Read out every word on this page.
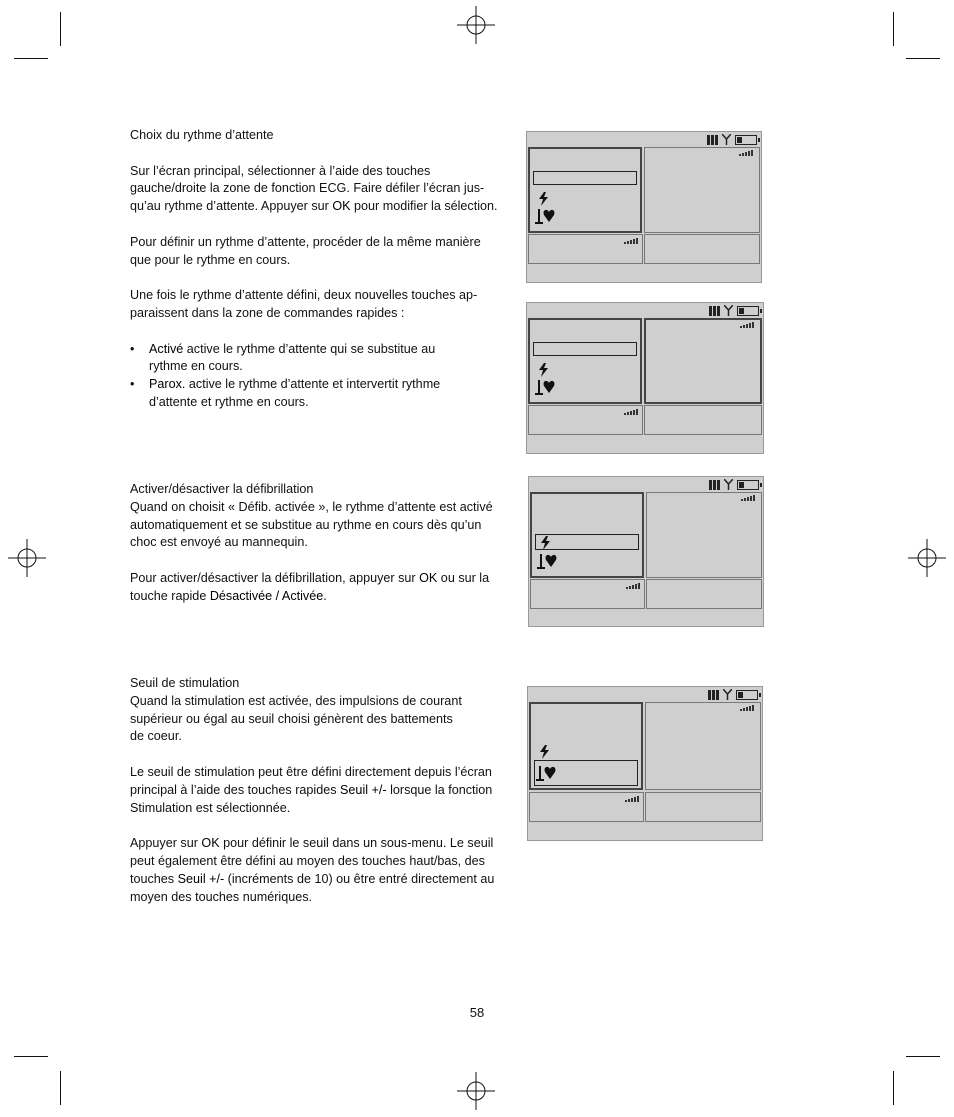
Choix du rythme d’attente

Sur l’écran principal, sélectionner à l’aide des touches gauche/droite la zone de fonction ECG. Faire défiler l’écran jus-qu’au rythme d’attente. Appuyer sur OK pour modifier la sélection.

Pour définir un rythme d’attente, procéder de la même manière que pour le rythme en cours.

Une fois le rythme d’attente défini, deux nouvelles touches ap-paraissent dans la zone de commandes rapides :

• Activé active le rythme d’attente qui se substitue au rythme en cours.
• Parox. active le rythme d’attente et intervertit rythme d’attente et rythme en cours.

Activer/désactiver la défibrillation

Quand on choisit « Défib. activée », le rythme d’attente est activé automatiquement et se substitue au rythme en cours dès qu’un choc est envoyé au mannequin.

Pour activer/désactiver la défibrillation, appuyer sur OK ou sur la touche rapide Désactivée / Activée.

Seuil de stimulation

Quand la stimulation est activée, des impulsions de courant supérieur ou égal au seuil choisi génèrent des battements de coeur.

Le seuil de stimulation peut être défini directement depuis l’écran principal à l’aide des touches rapides Seuil +/- lorsque la fonction Stimulation est sélectionnée.

Appuyer sur OK pour définir le seuil dans un sous-menu. Le seuil peut également être défini au moyen des touches haut/bas, des touches Seuil +/- (incréments de 10) ou être entré directement au moyen des touches numériques.

58
